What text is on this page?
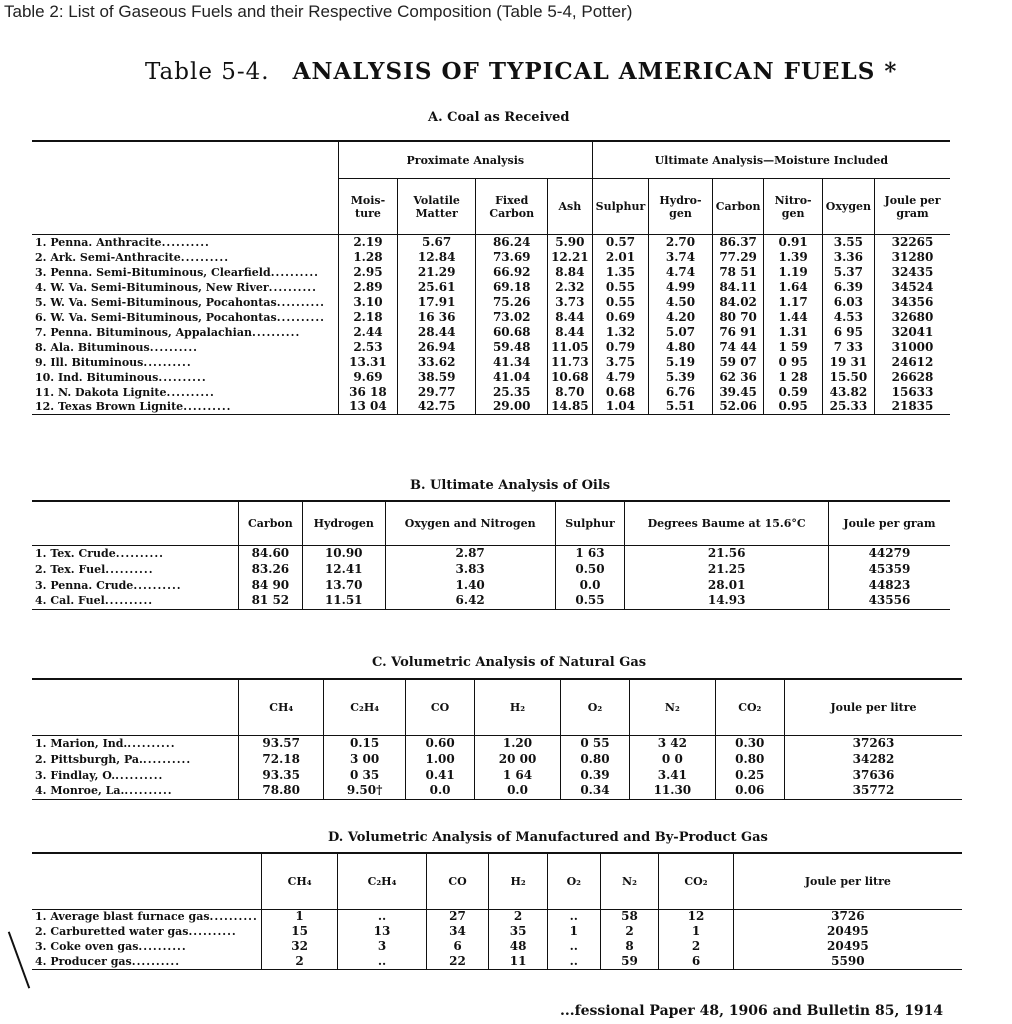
Table 2: List of Gaseous Fuels and their Respective Composition (Table 5-4, Potter)
Table 5-4. ANALYSIS OF TYPICAL AMERICAN FUELS *
A. Coal as Received
	Proximate Analysis				Ultimate Analysis—Moisture Included					
	Mois- ture	Volatile Matter	Fixed Carbon	Ash	Sulphur	Hydro- gen	Carbon	Nitro- gen	Oxygen	Joule per gram
1. Penna. Anthracite..........	2.19	5.67	86.24	5.90	0.57	2.70	86.37	0.91	3.55	32265
2. Ark. Semi-Anthracite..........	1.28	12.84	73.69	12.21	2.01	3.74	77.29	1.39	3.36	31280
3. Penna. Semi-Bituminous, Clearfield..........	2.95	21.29	66.92	8.84	1.35	4.74	78 51	1.19	5.37	32435
4. W. Va. Semi-Bituminous, New River..........	2.89	25.61	69.18	2.32	0.55	4.99	84.11	1.64	6.39	34524
5. W. Va. Semi-Bituminous, Pocahontas..........	3.10	17.91	75.26	3.73	0.55	4.50	84.02	1.17	6.03	34356
6. W. Va. Semi-Bituminous, Pocahontas..........	2.18	16 36	73.02	8.44	0.69	4.20	80 70	1.44	4.53	32680
7. Penna. Bituminous, Appalachian..........	2.44	28.44	60.68	8.44	1.32	5.07	76 91	1.31	6 95	32041
8. Ala. Bituminous..........	2.53	26.94	59.48	11.05	0.79	4.80	74 44	1 59	7 33	31000
9. Ill. Bituminous..........	13.31	33.62	41.34	11.73	3.75	5.19	59 07	0 95	19 31	24612
10. Ind. Bituminous..........	9.69	38.59	41.04	10.68	4.79	5.39	62 36	1 28	15.50	26628
11. N. Dakota Lignite..........	36 18	29.77	25.35	8.70	0.68	6.76	39.45	0.59	43.82	15633
12. Texas Brown Lignite..........	13 04	42.75	29.00	14.85	1.04	5.51	52.06	0.95	25.33	21835
B. Ultimate Analysis of Oils
	Carbon	Hydrogen	Oxygen and Nitrogen	Sulphur	Degrees Baume at 15.6°C	Joule per gram
1. Tex. Crude..........	84.60	10.90	2.87	1 63	21.56	44279
2. Tex. Fuel..........	83.26	12.41	3.83	0.50	21.25	45359
3. Penna. Crude..........	84 90	13.70	1.40	0.0	28.01	44823
4. Cal. Fuel..........	81 52	11.51	6.42	0.55	14.93	43556
C. Volumetric Analysis of Natural Gas
	CH₄	C₂H₄	CO	H₂	O₂	N₂	CO₂	Joule per litre
1. Marion, Ind...........	93.57	0.15	0.60	1.20	0 55	3 42	0.30	37263
2. Pittsburgh, Pa...........	72.18	3 00	1.00	20 00	0.80	0 0	0.80	34282
3. Findlay, O...........	93.35	0 35	0.41	1 64	0.39	3.41	0.25	37636
4. Monroe, La...........	78.80	9.50†	0.0	0.0	0.34	11.30	0.06	35772
D. Volumetric Analysis of Manufactured and By-Product Gas
	CH₄	C₂H₄	CO	H₂	O₂	N₂	CO₂	Joule per litre
1. Average blast furnace gas..........	1	..	27	2	..	58	12	3726
2. Carburetted water gas..........	15	13	34	35	1	2	1	20495
3. Coke oven gas..........	32	3	6	48	..	8	2	20495
4. Producer gas..........	2	..	22	11	..	59	6	5590
...fessional Paper 48, 1906 and Bulletin 85, 1914
